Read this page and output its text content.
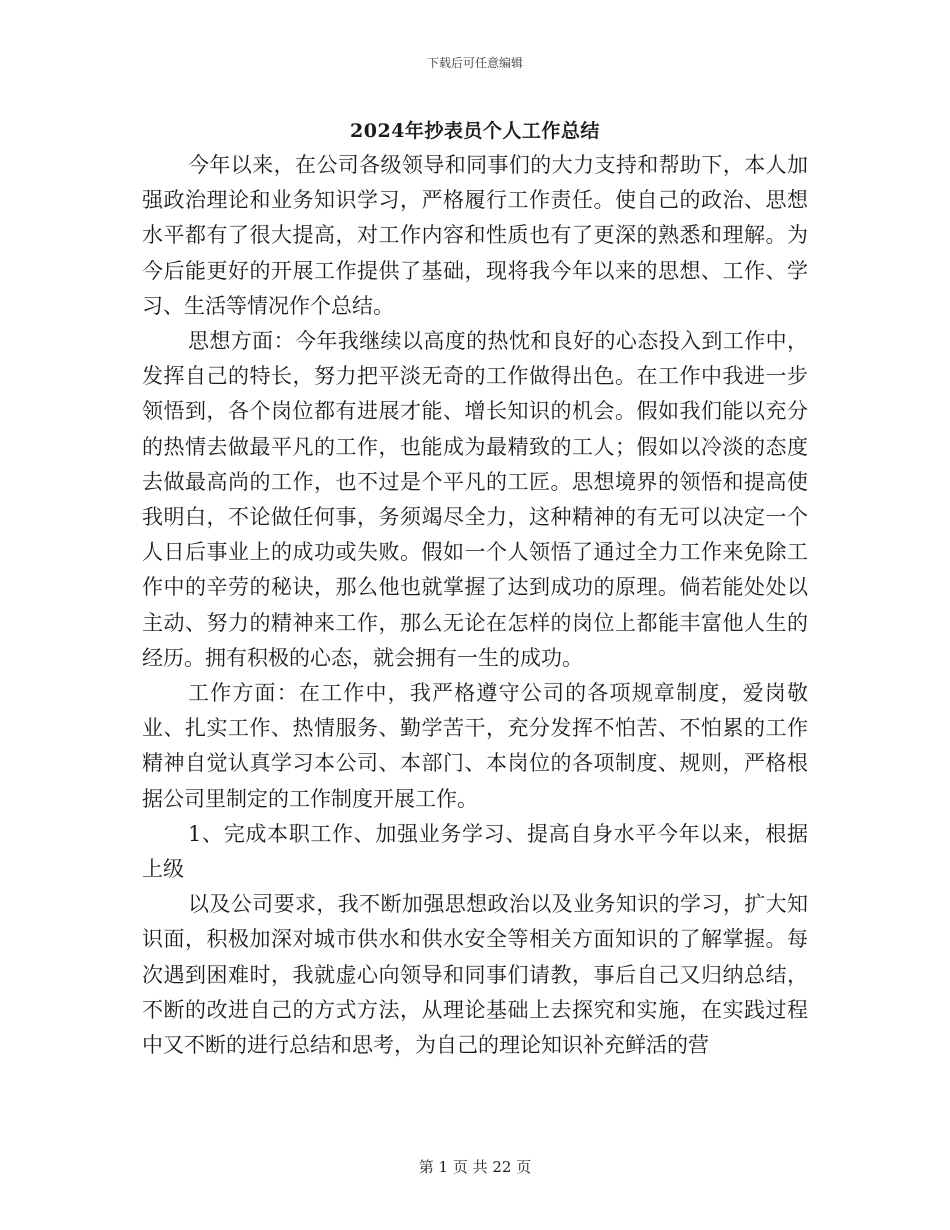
下载后可任意编辑
2024年抄表员个人工作总结

今年以来，在公司各级领导和同事们的大力支持和帮助下，本人加强政治理论和业务知识学习，严格履行工作责任。使自己的政治、思想水平都有了很大提高，对工作内容和性质也有了更深的熟悉和理解。为今后能更好的开展工作提供了基础，现将我今年以来的思想、工作、学习、生活等情况作个总结。

思想方面：今年我继续以高度的热忱和良好的心态投入到工作中，发挥自己的特长，努力把平淡无奇的工作做得出色。在工作中我进一步领悟到，各个岗位都有进展才能、增长知识的机会。假如我们能以充分的热情去做最平凡的工作，也能成为最精致的工人；假如以冷淡的态度去做最高尚的工作，也不过是个平凡的工匠。思想境界的领悟和提高使我明白，不论做任何事，务须竭尽全力，这种精神的有无可以决定一个人日后事业上的成功或失败。假如一个人领悟了通过全力工作来免除工作中的辛劳的秘诀，那么他也就掌握了达到成功的原理。倘若能处处以主动、努力的精神来工作，那么无论在怎样的岗位上都能丰富他人生的经历。拥有积极的心态，就会拥有一生的成功。

工作方面：在工作中，我严格遵守公司的各项规章制度，爱岗敬业、扎实工作、热情服务、勤学苦干，充分发挥不怕苦、不怕累的工作精神自觉认真学习本公司、本部门、本岗位的各项制度、规则，严格根据公司里制定的工作制度开展工作。

1、完成本职工作、加强业务学习、提高自身水平今年以来，根据上级

以及公司要求，我不断加强思想政治以及业务知识的学习，扩大知识面，积极加深对城市供水和供水安全等相关方面知识的了解掌握。每次遇到困难时，我就虚心向领导和同事们请教，事后自己又归纳总结，不断的改进自己的方式方法，从理论基础上去探究和实施，在实践过程中又不断的进行总结和思考，为自己的理论知识补充鲜活的营

第 1 页 共 22 页
